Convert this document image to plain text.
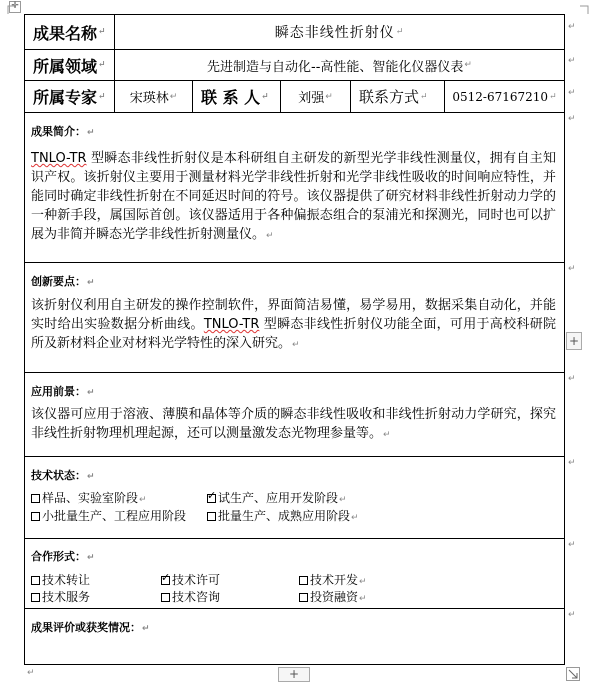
✛
成果名称 ↵	瞬态非线性折射仪 ↵
所属领域 ↵	先进制造与自动化--高性能、智能化仪器仪表 ↵
所属专家 ↵ 宋瑛林 ↵ 联 系 人 ↵ 刘强 ↵ 联系方式 ↵ 0512-67167210 ↵
成果简介：↵
TNLO-TR 型瞬态非线性折射仪是本科研组自主研发的新型光学非线性测量仪，拥有自主知识产权。该折射仪主要用于测量材料光学非线性折射和光学非线性吸收的时间响应特性，并能同时确定非线性折射在不同延迟时间的符号。该仪器提供了研究材料非线性折射动力学的一种新手段，属国际首创。该仪器适用于各种偏振态组合的泵浦光和探测光，同时也可以扩展为非简并瞬态光学非线性折射测量仪。↵
创新要点：↵
该折射仪利用自主研发的操作控制软件，界面简洁易懂，易学易用，数据采集自动化，并能实时给出实验数据分析曲线。TNLO-TR 型瞬态非线性折射仪功能全面，可用于高校科研院所及新材料企业对材料光学特性的深入研究。↵
应用前景：↵
该仪器可应用于溶液、薄膜和晶体等介质的瞬态非线性吸收和非线性折射动力学研究，探究非线性折射物理机理起源，还可以测量激发态光物理参量等。↵
技术状态：↵
样品、实验室阶段↵ ✓	试生产、应用开发阶段↵
小批量生产、工程应用阶段	批量生产、成熟应用阶段↵
合作形式：↵
技术转让 ✓	技术许可	技术开发↵
技术服务	技术咨询	投资融资↵
成果评价或获奖情况：↵
↵
↵
↵
↵
↵
↵
↵
↵
↵
↵
+
+
